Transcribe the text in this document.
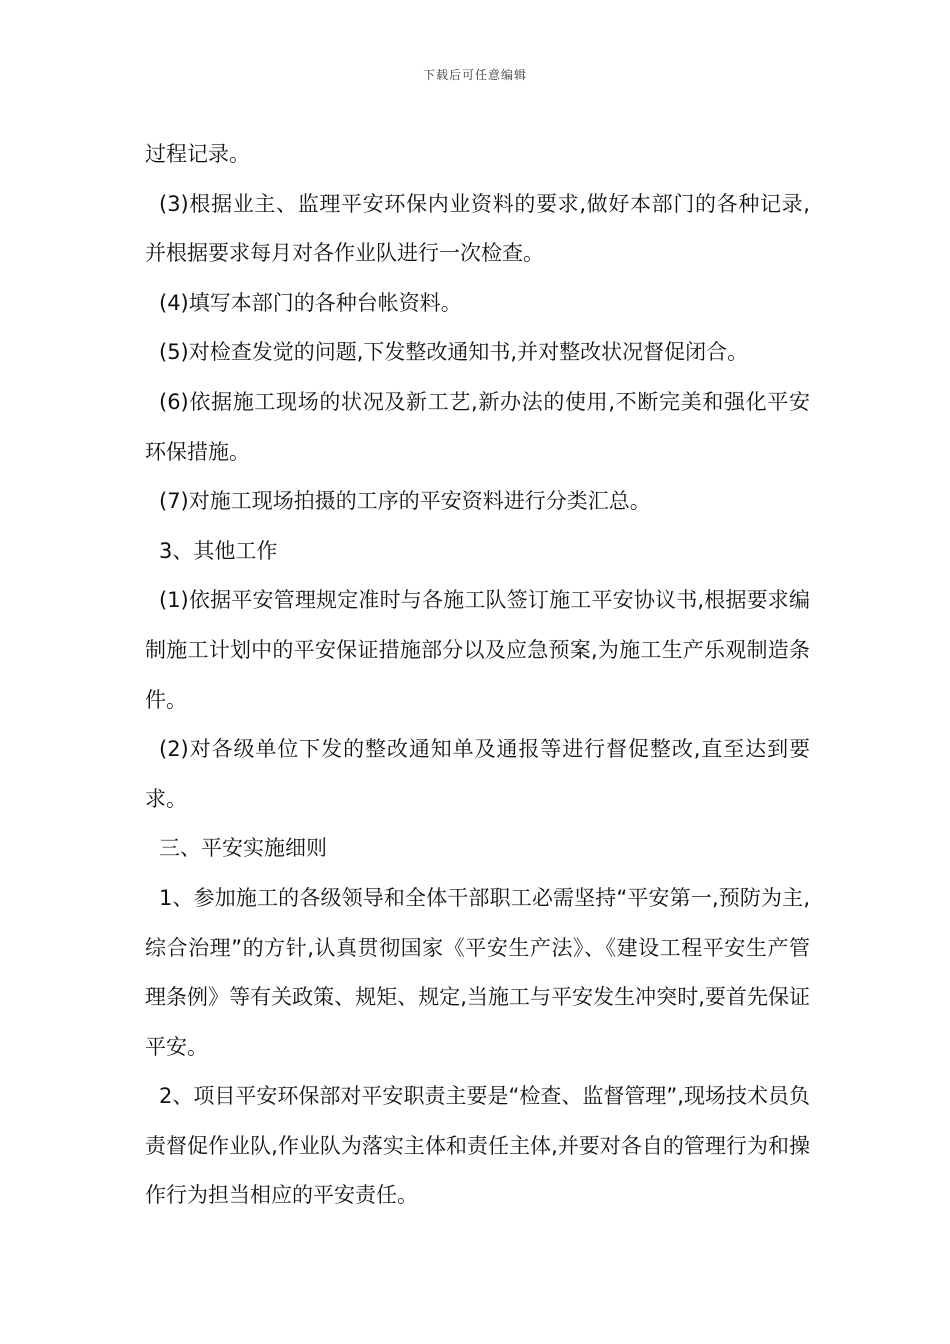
下载后可任意编辑

过程记录。

(3)根据业主、监理平安环保内业资料的要求,做好本部门的各种记录,并根据要求每月对各作业队进行一次检查。

(4)填写本部门的各种台帐资料。

(5)对检查发觉的问题,下发整改通知书,并对整改状况督促闭合。

(6)依据施工现场的状况及新工艺,新办法的使用,不断完美和强化平安环保措施。

(7)对施工现场拍摄的工序的平安资料进行分类汇总。

3、其他工作

(1)依据平安管理规定准时与各施工队签订施工平安协议书,根据要求编制施工计划中的平安保证措施部分以及应急预案,为施工生产乐观制造条件。

(2)对各级单位下发的整改通知单及通报等进行督促整改,直至达到要求。

三、平安实施细则

1、参加施工的各级领导和全体干部职工必需坚持“平安第一,预防为主,综合治理”的方针,认真贯彻国家《平安生产法》、《建设工程平安生产管理条例》等有关政策、规矩、规定,当施工与平安发生冲突时,要首先保证平安。

2、项目平安环保部对平安职责主要是“检查、监督管理”,现场技术员负责督促作业队,作业队为落实主体和责任主体,并要对各自的管理行为和操作行为担当相应的平安责任。
